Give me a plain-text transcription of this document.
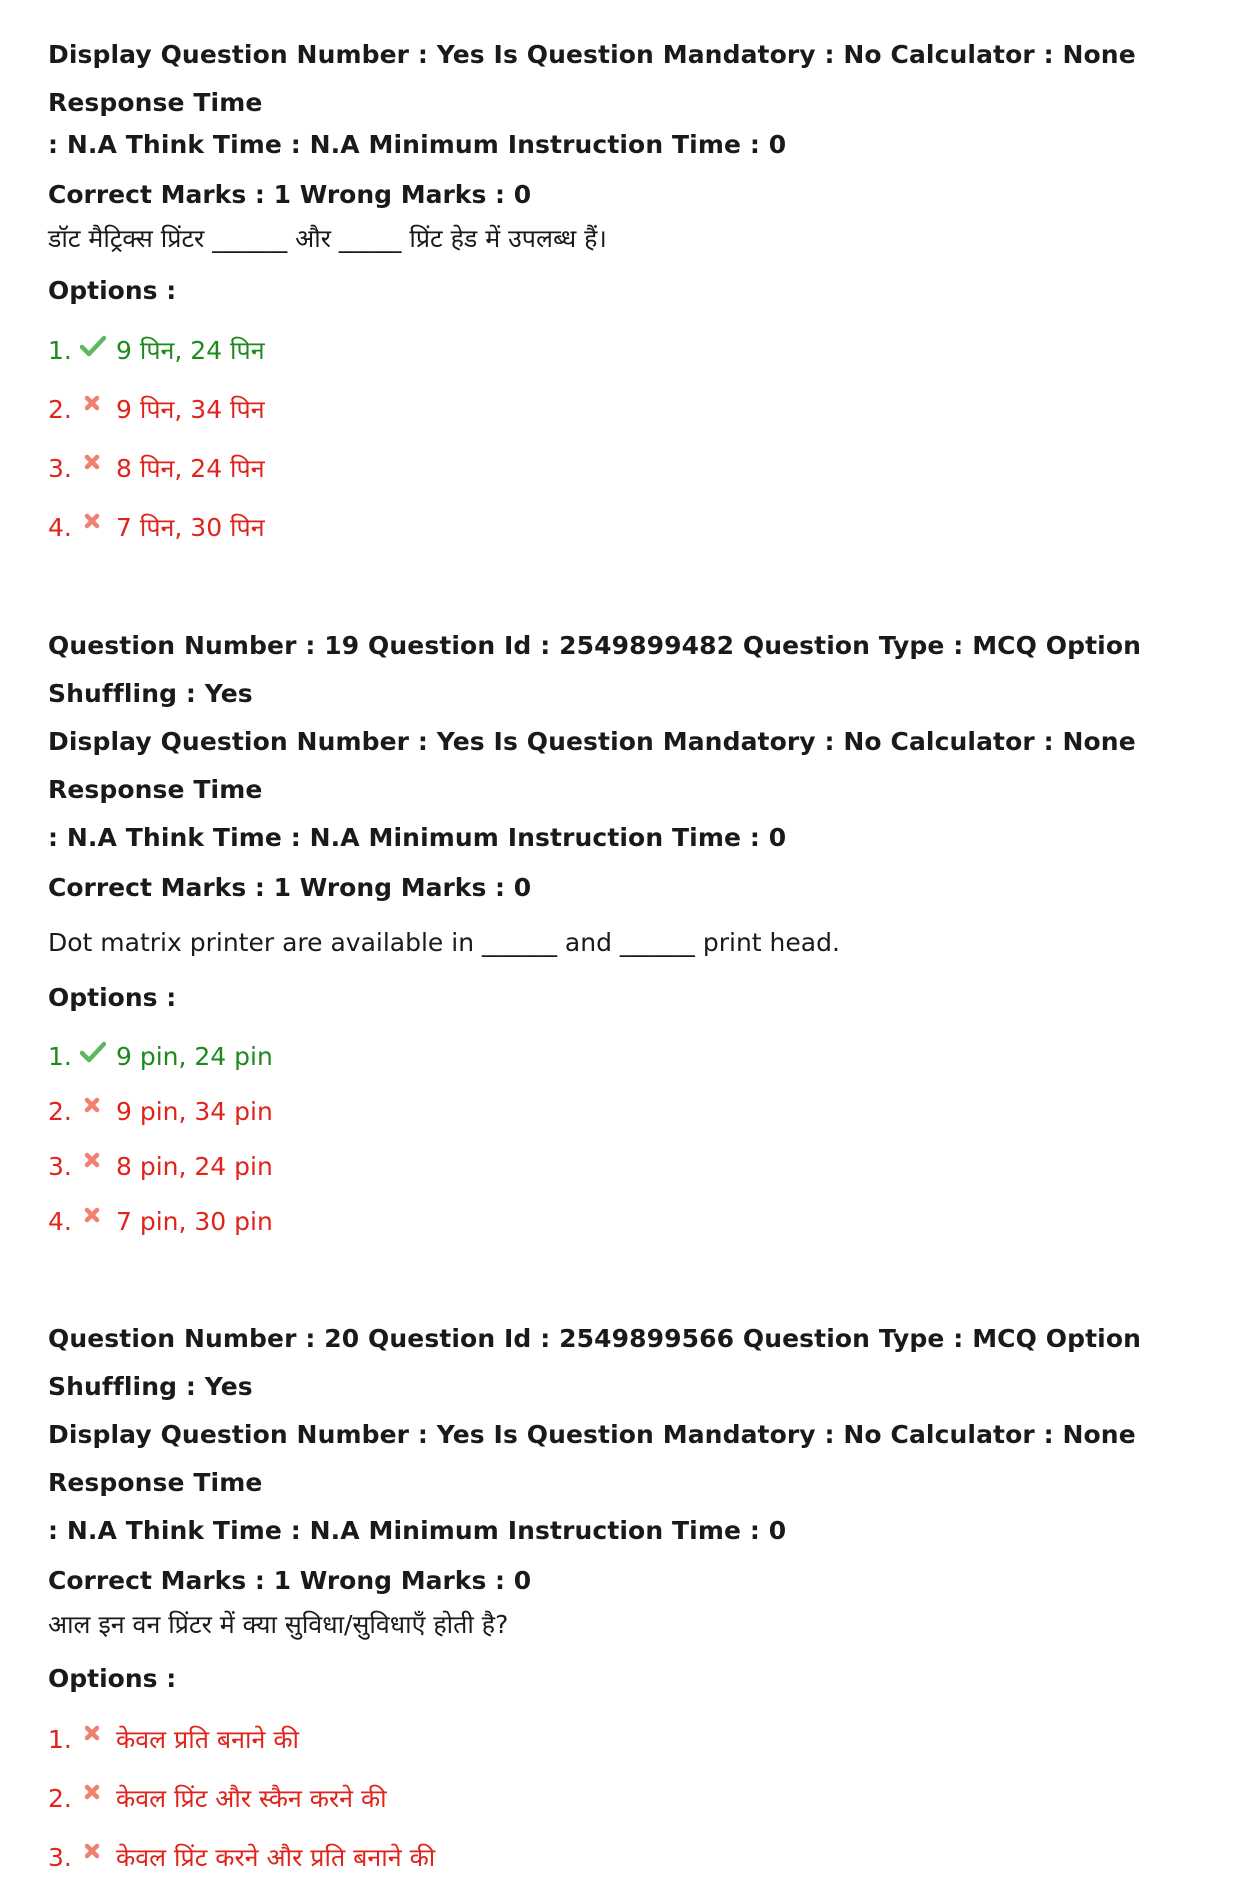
Display Question Number : Yes Is Question Mandatory : No Calculator : None Response Time

: N.A Think Time : N.A Minimum Instruction Time : 0

Correct Marks : 1 Wrong Marks : 0
डॉट मैट्रिक्स प्रिंटर ______ और _____ प्रिंट हेड में उपलब्ध हैं।
Options :
1.	9 पिन, 24 पिन
2.	9 पिन, 34 पिन
3.	8 पिन, 24 पिन
4.	7 पिन, 30 पिन

Question Number : 19 Question Id : 2549899482 Question Type : MCQ Option Shuffling : Yes

Display Question Number : Yes Is Question Mandatory : No Calculator : None Response Time

: N.A Think Time : N.A Minimum Instruction Time : 0

Correct Marks : 1 Wrong Marks : 0
Dot matrix printer are available in ______ and ______ print head.
Options :
1.	9 pin, 24 pin
2.	9 pin, 34 pin
3.	8 pin, 24 pin
4.	7 pin, 30 pin

Question Number : 20 Question Id : 2549899566 Question Type : MCQ Option Shuffling : Yes

Display Question Number : Yes Is Question Mandatory : No Calculator : None Response Time

: N.A Think Time : N.A Minimum Instruction Time : 0

Correct Marks : 1 Wrong Marks : 0
आल इन वन प्रिंटर में क्या सुविधा/सुविधाएँ होती है?
Options :
1.	केवल प्रति बनाने की
2.	केवल प्रिंट और स्कैन करने की
3.	केवल प्रिंट करने और प्रति बनाने की
